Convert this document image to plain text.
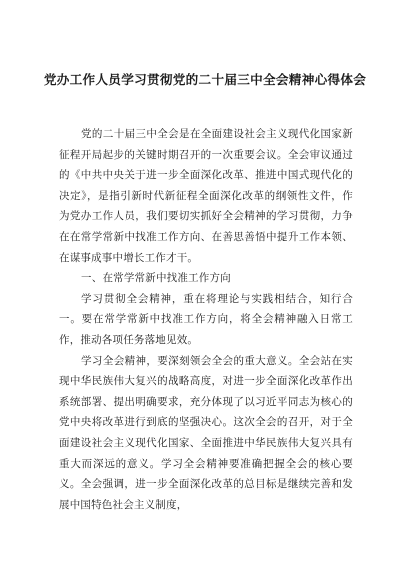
党办工作人员学习贯彻党的二十届三中全会精神心得体会

党的二十届三中全会是在全面建设社会主义现代化国家新征程开局起步的关键时期召开的一次重要会议。全会审议通过的《中共中央关于进一步全面深化改革、推进中国式现代化的决定》，是指引新时代新征程全面深化改革的纲领性文件，作为党办工作人员，我们要切实抓好全会精神的学习贯彻，力争在在常学常新中找准工作方向、在善思善悟中提升工作本领、在谋事成事中增长工作才干。

一、在常学常新中找准工作方向

学习贯彻全会精神，重在将理论与实践相结合，知行合一。要在常学常新中找准工作方向，将全会精神融入日常工作，推动各项任务落地见效。

学习全会精神，要深刻领会全会的重大意义。全会站在实现中华民族伟大复兴的战略高度，对进一步全面深化改革作出系统部署、提出明确要求，充分体现了以习近平同志为核心的党中央将改革进行到底的坚强决心。这次全会的召开，对于全面建设社会主义现代化国家、全面推进中华民族伟大复兴具有重大而深远的意义。学习全会精神要准确把握全会的核心要义。全会强调，进一步全面深化改革的总目标是继续完善和发展中国特色社会主义制度，
